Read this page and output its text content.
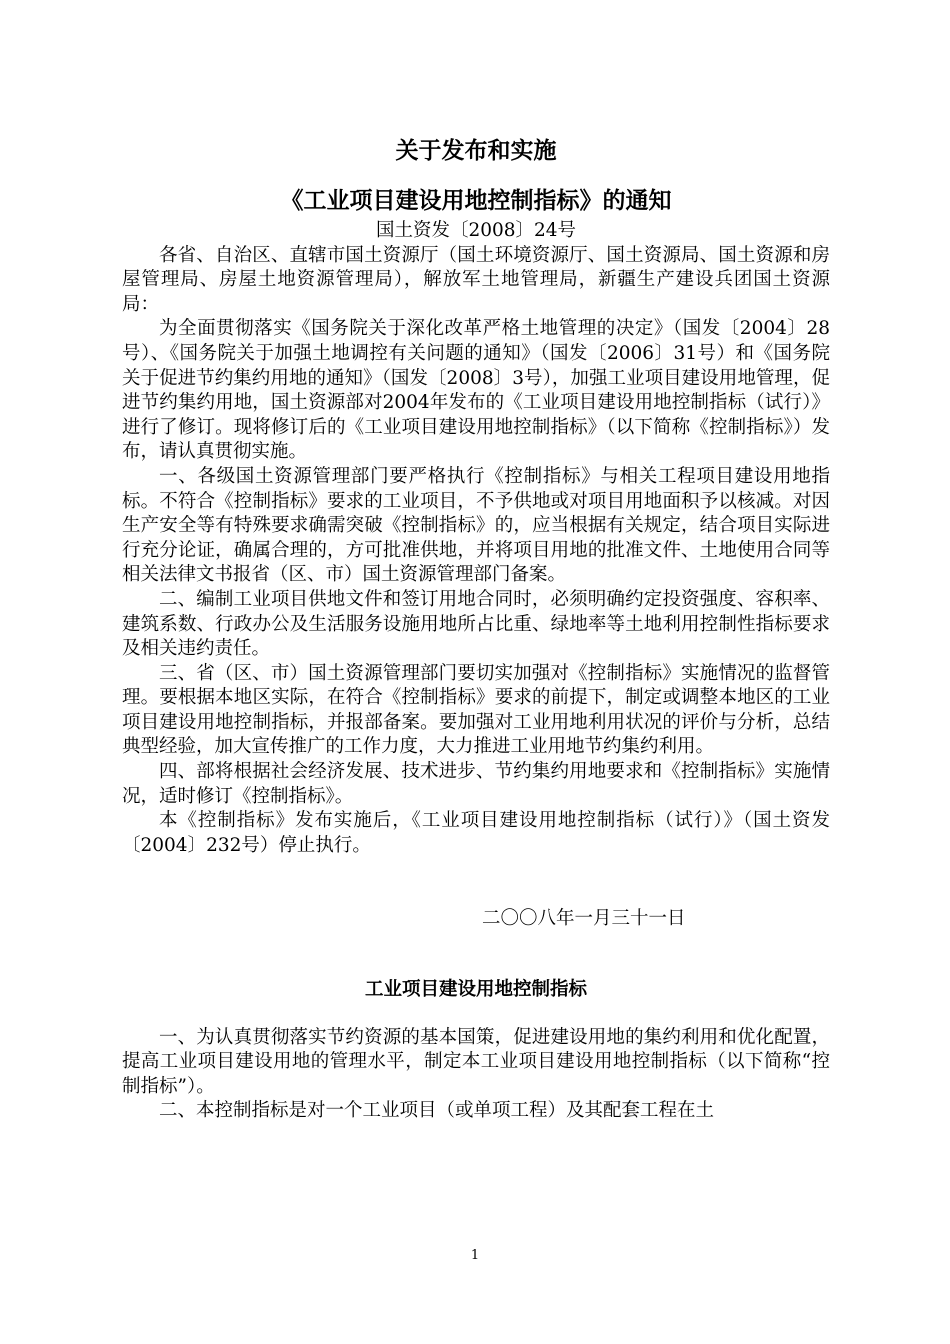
关于发布和实施
《工业项目建设用地控制指标》的通知

国土资发〔2008〕24号

各省、自治区、直辖市国土资源厅（国土环境资源厅、国土资源局、国土资源和房屋管理局、房屋土地资源管理局），解放军土地管理局，新疆生产建设兵团国土资源局：

为全面贯彻落实《国务院关于深化改革严格土地管理的决定》（国发〔2004〕28号）、《国务院关于加强土地调控有关问题的通知》（国发〔2006〕31号）和《国务院关于促进节约集约用地的通知》（国发〔2008〕3号），加强工业项目建设用地管理，促进节约集约用地，国土资源部对2004年发布的《工业项目建设用地控制指标（试行）》进行了修订。现将修订后的《工业项目建设用地控制指标》（以下简称《控制指标》）发布，请认真贯彻实施。

一、各级国土资源管理部门要严格执行《控制指标》与相关工程项目建设用地指标。不符合《控制指标》要求的工业项目，不予供地或对项目用地面积予以核减。对因生产安全等有特殊要求确需突破《控制指标》的，应当根据有关规定，结合项目实际进行充分论证，确属合理的，方可批准供地，并将项目用地的批准文件、土地使用合同等相关法律文书报省（区、市）国土资源管理部门备案。

二、编制工业项目供地文件和签订用地合同时，必须明确约定投资强度、容积率、建筑系数、行政办公及生活服务设施用地所占比重、绿地率等土地利用控制性指标要求及相关违约责任。

三、省（区、市）国土资源管理部门要切实加强对《控制指标》实施情况的监督管理。要根据本地区实际，在符合《控制指标》要求的前提下，制定或调整本地区的工业项目建设用地控制指标，并报部备案。要加强对工业用地利用状况的评价与分析，总结典型经验，加大宣传推广的工作力度，大力推进工业用地节约集约利用。

四、部将根据社会经济发展、技术进步、节约集约用地要求和《控制指标》实施情况，适时修订《控制指标》。

本《控制指标》发布实施后，《工业项目建设用地控制指标（试行）》（国土资发〔2004〕232号）停止执行。

二〇〇八年一月三十一日

工业项目建设用地控制指标

一、为认真贯彻落实节约资源的基本国策，促进建设用地的集约利用和优化配置，提高工业项目建设用地的管理水平，制定本工业项目建设用地控制指标（以下简称“控制指标”）。

二、本控制指标是对一个工业项目（或单项工程）及其配套工程在土

1
